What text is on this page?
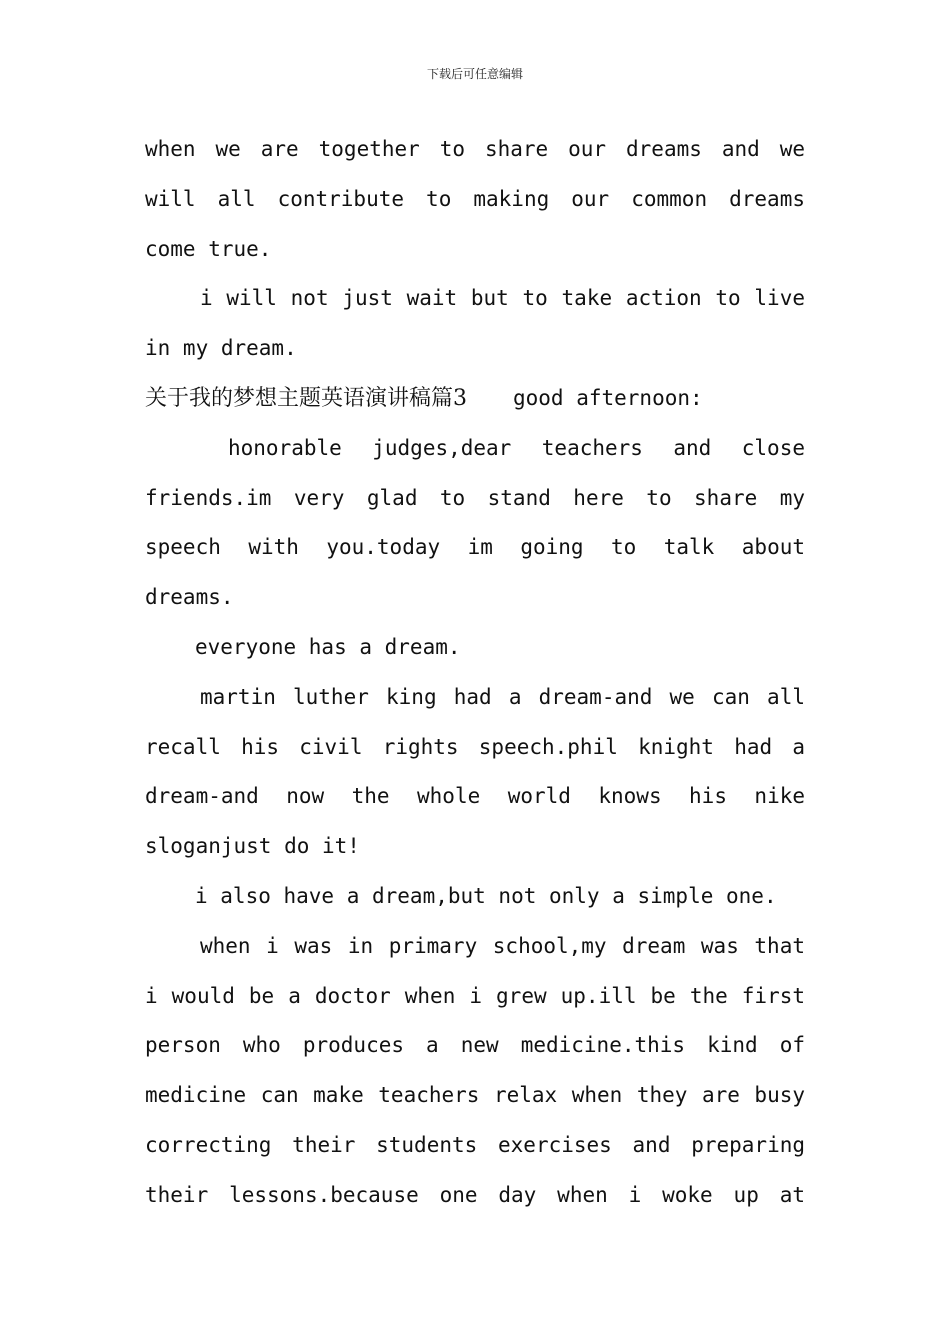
下载后可任意编辑
when we are together to share our dreams and we
will all contribute to making our common dreams
come true.
i will not just wait but to take action to live
in my dream.
关于我的梦想主题英语演讲稿篇3 good afternoon:
honorable judges,dear teachers and close
friends.im very glad to stand here to share my
speech with you.today im going to talk about
dreams.
everyone has a dream.
martin luther king had a dream-and we can all
recall his civil rights speech.phil knight had a
dream-and now the whole world knows his nike
sloganjust do it!
i also have a dream,but not only a simple one.
when i was in primary school,my dream was that
i would be a doctor when i grew up.ill be the first
person who produces a new medicine.this kind of
medicine can make teachers relax when they are busy
correcting their students exercises and preparing
their lessons.because one day when i woke up at
